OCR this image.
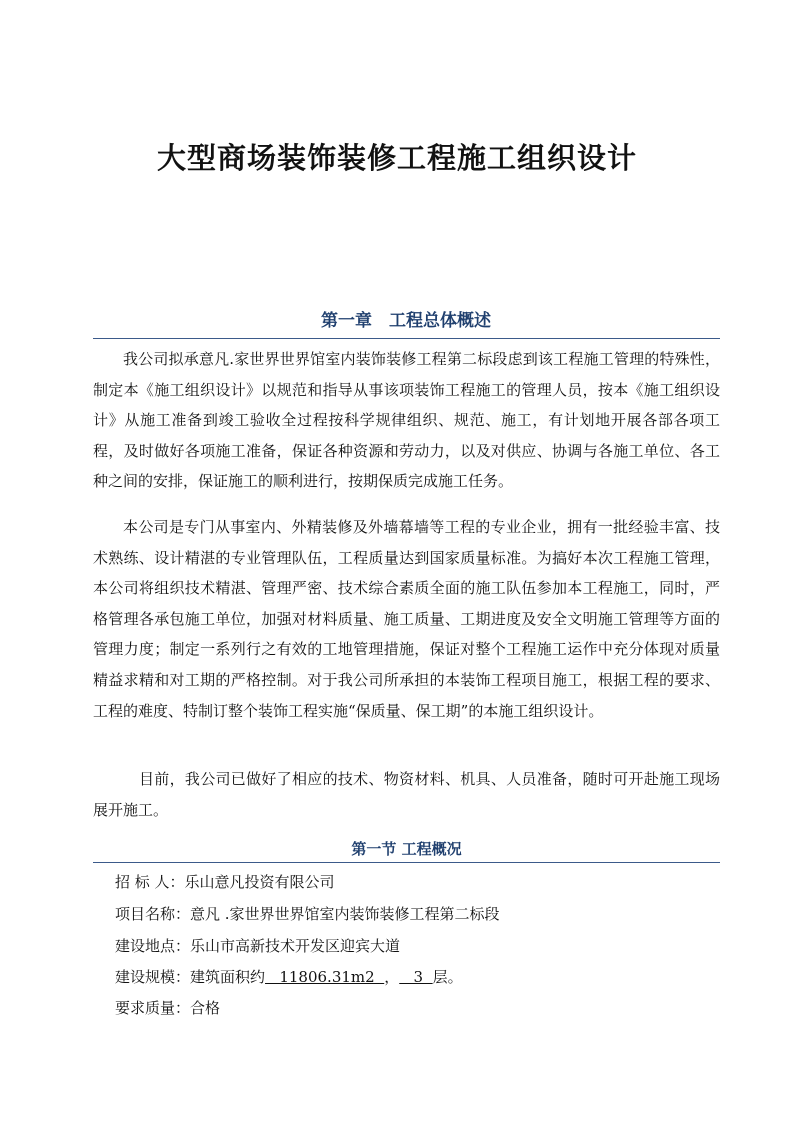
大型商场装饰装修工程施工组织设计
第一章　工程总体概述

我公司拟承意凡.家世界世界馆室内装饰装修工程第二标段虑到该工程施工管理的特殊性，制定本《施工组织设计》以规范和指导从事该项装饰工程施工的管理人员，按本《施工组织设计》从施工准备到竣工验收全过程按科学规律组织、规范、施工，有计划地开展各部各项工程，及时做好各项施工准备，保证各种资源和劳动力，以及对供应、协调与各施工单位、各工种之间的安排，保证施工的顺利进行，按期保质完成施工任务。

本公司是专门从事室内、外精装修及外墙幕墙等工程的专业企业，拥有一批经验丰富、技术熟练、设计精湛的专业管理队伍，工程质量达到国家质量标准。为搞好本次工程施工管理，本公司将组织技术精湛、管理严密、技术综合素质全面的施工队伍参加本工程施工，同时，严格管理各承包施工单位，加强对材料质量、施工质量、工期进度及安全文明施工管理等方面的管理力度；制定一系列行之有效的工地管理措施，保证对整个工程施工运作中充分体现对质量精益求精和对工期的严格控制。对于我公司所承担的本装饰工程项目施工，根据工程的要求、工程的难度、特制订整个装饰工程实施“保质量、保工期”的本施工组织设计。

目前，我公司已做好了相应的技术、物资材料、机具、人员准备，随时可开赴施工现场展开施工。

第一节 工程概况
招 标 人：乐山意凡投资有限公司
项目名称：意凡 .家世界世界馆室内装饰装修工程第二标段
建设地点：乐山市高新技术开发区迎宾大道
建设规模：建筑面积约   11806.31m2  ，   3  层。
要求质量：合格
